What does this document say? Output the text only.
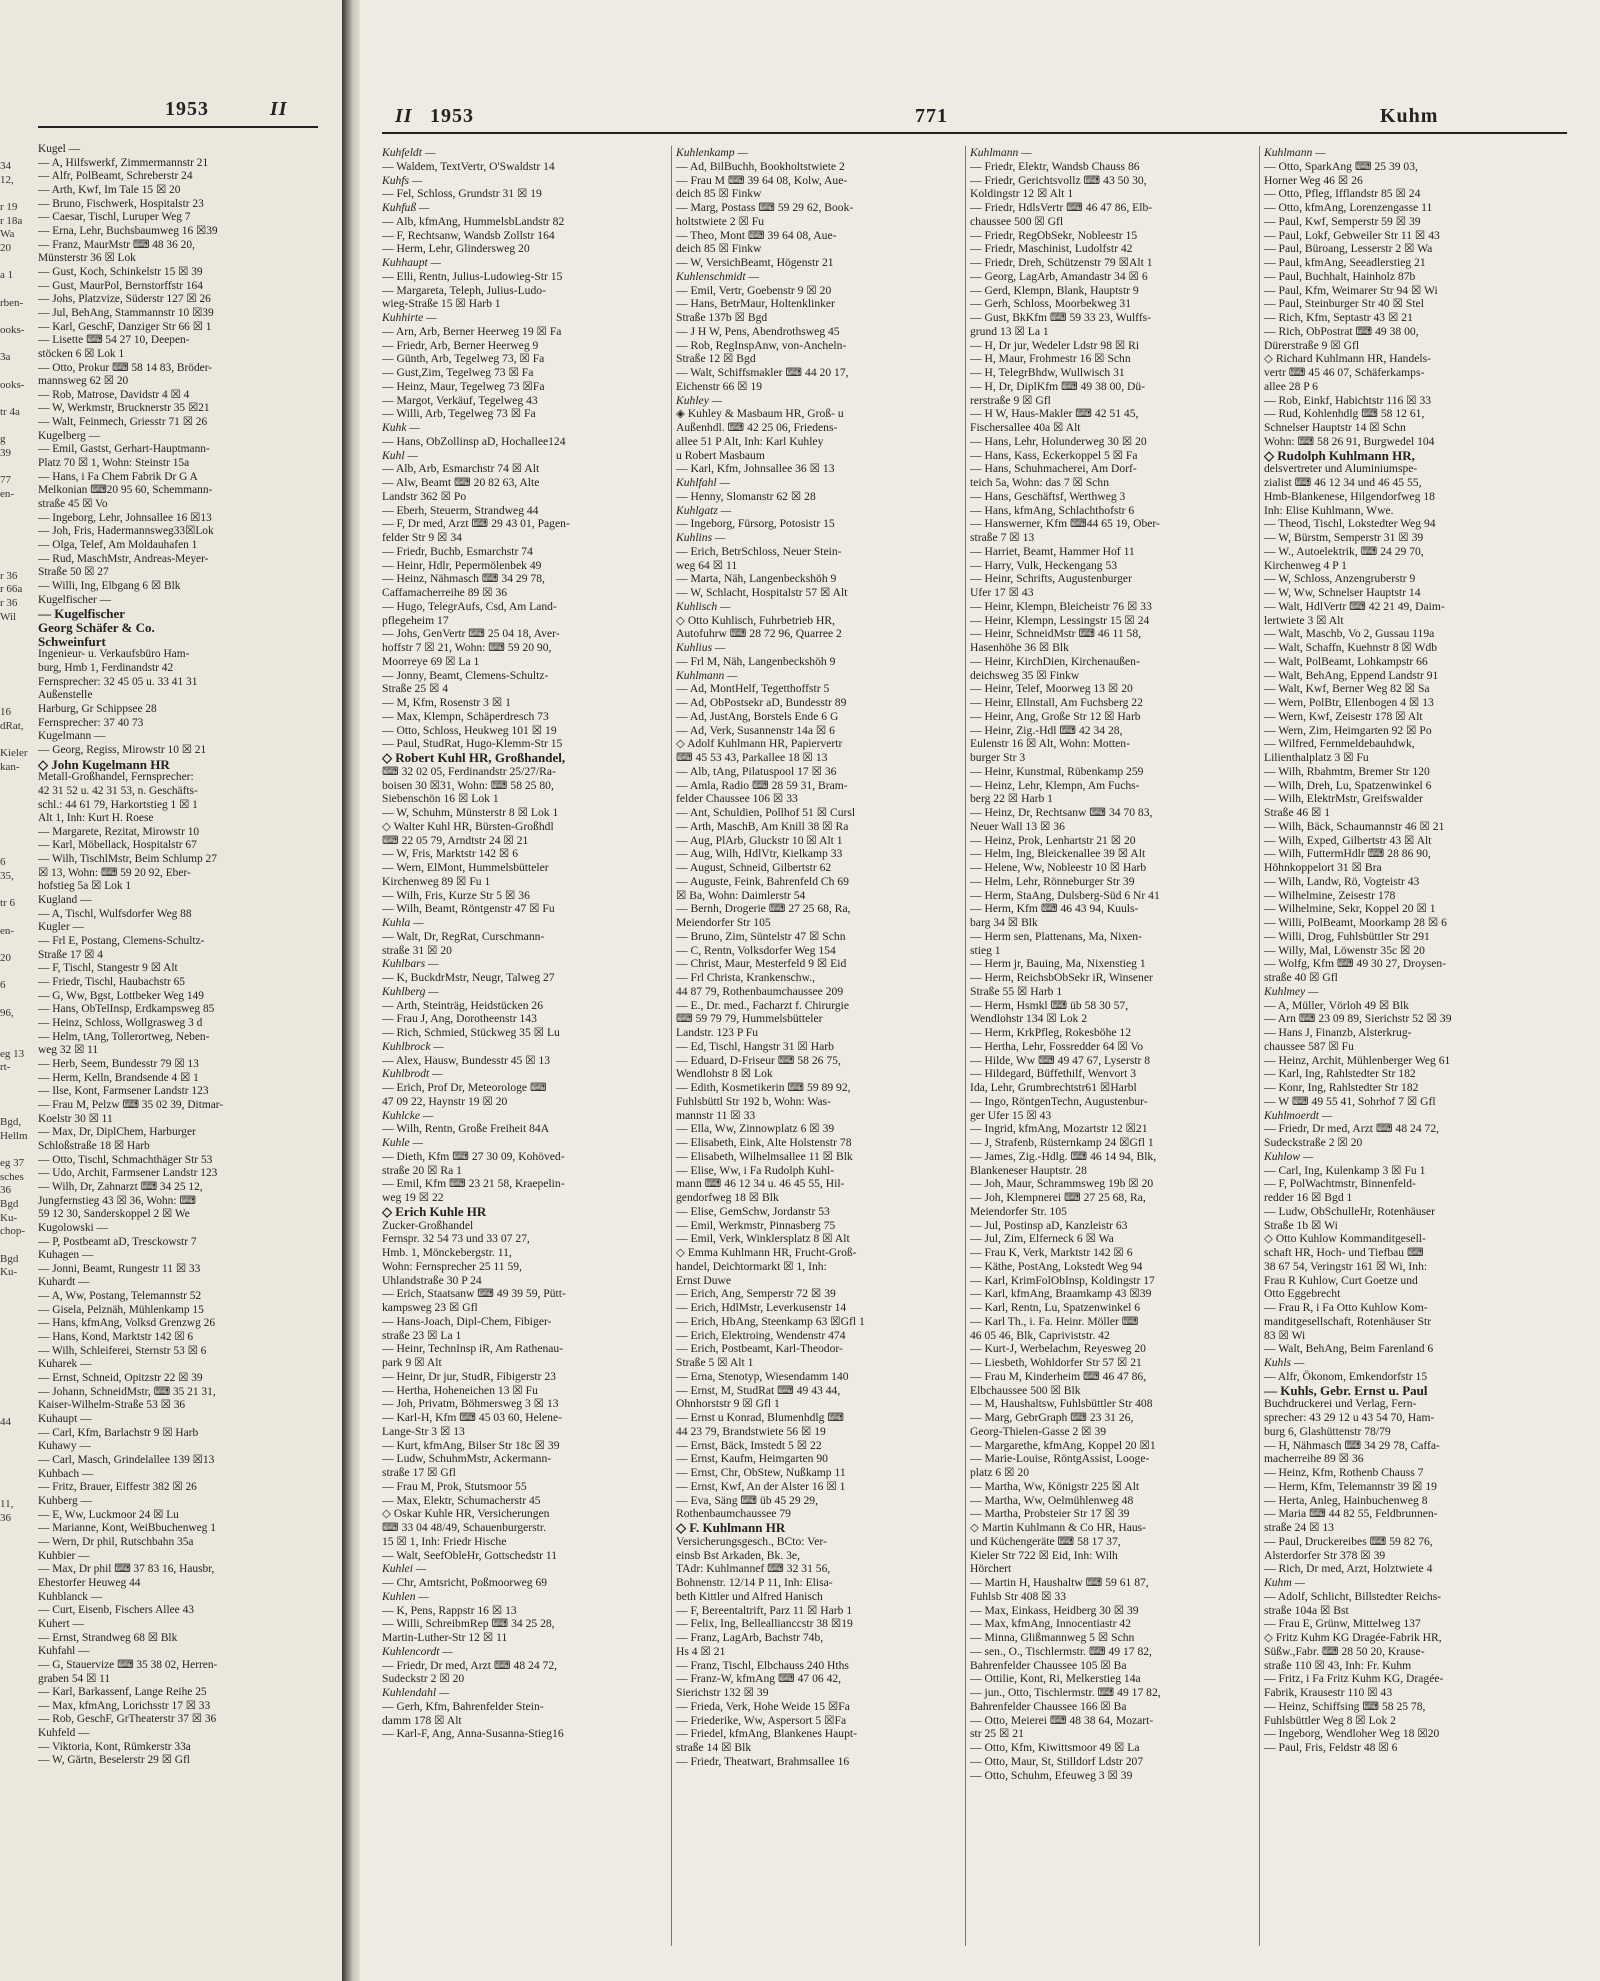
1953	II
34
12,

r 19
r 18a
Wa
20

a 1

rben-

ooks-

3a

ooks-

tr 4a

g
39

77
en-

r 36
r 66a
r 36
Wil

16
dRat,

Kieler
kan-

6
35,

tr 6

en-

20

6

96,

eg 13
rt-

Bgd,
Hellm

eg 37
sches
36
Bgd
Ku-
chop-

Bgd
Ku-

44

11,
36
Kugel —
— A, Hilfswerkf, Zimmermannstr 21
— Alfr, PolBeamt, Schreberstr 24
— Arth, Kwf, Im Tale 15 ☒ 20
— Bruno, Fischwerk, Hospitalstr 23
— Caesar, Tischl, Luruper Weg 7
— Erna, Lehr, Buchsbaumweg 16 ☒39
— Franz, MaurMstr ⌨ 48 36 20,
Münsterstr 36 ☒ Lok
— Gust, Koch, Schinkelstr 15 ☒ 39
— Gust, MaurPol, Bernstorffstr 164
— Johs, Platzvize, Süderstr 127 ☒ 26
— Jul, BehAng, Stammannstr 10 ☒39
— Karl, GeschF, Danziger Str 66 ☒ 1
— Lisette ⌨ 54 27 10, Deepen-
stöcken 6 ☒ Lok 1
— Otto, Prokur ⌨ 58 14 83, Bröder-
mannsweg 62 ☒ 20
— Rob, Matrose, Davidstr 4 ☒ 4
— W, Werkmstr, Brucknerstr 35 ☒21
— Walt, Feinmech, Griesstr 71 ☒ 26
Kugelberg —
— Emil, Gastst, Gerhart-Hauptmann-
Platz 70 ☒ 1, Wohn: Steinstr 15a
— Hans, i Fa Chem Fabrik Dr G A
Melkonian ⌨20 95 60, Schemmann-
straße 45 ☒ Vo
— Ingeborg, Lehr, Johnsallee 16 ☒13
— Joh, Fris, Hadermannsweg33☒Lok
— Olga, Telef, Am Moldauhafen 1
— Rud, MaschMstr, Andreas-Meyer-
Straße 50 ☒ 27
— Willi, Ing, Elbgang 6 ☒ Blk
Kugelfischer —
— Kugelfischer
Georg Schäfer & Co.
Schweinfurt
Ingenieur- u. Verkaufsbüro Ham-
burg, Hmb 1, Ferdinandstr 42
Fernsprecher: 32 45 05 u. 33 41 31
Außenstelle
Harburg, Gr Schippsee 28
Fernsprecher: 37 40 73
Kugelmann —
— Georg, Regiss, Mirowstr 10 ☒ 21
◇ John Kugelmann HR
Metall-Großhandel, Fernsprecher:
42 31 52 u. 42 31 53, n. Geschäfts-
schl.: 44 61 79, Harkortstieg 1 ☒ 1
Alt 1, Inh: Kurt H. Roese
— Margarete, Rezitat, Mirowstr 10
— Karl, Möbellack, Hospitalstr 67
— Wilh, TischlMstr, Beim Schlump 27
☒ 13, Wohn: ⌨ 59 20 92, Eber-
hofstieg 5a ☒ Lok 1
Kugland —
— A, Tischl, Wulfsdorfer Weg 88
Kugler —
— Frl E, Postang, Clemens-Schultz-
Straße 17 ☒ 4
— F, Tischl, Stangestr 9 ☒ Alt
— Friedr, Tischl, Haubachstr 65
— G, Ww, Bgst, Lottbeker Weg 149
— Hans, ObTelInsp, Erdkampsweg 85
— Heinz, Schloss, Wollgrasweg 3 d
— Helm, tAng, Tollerortweg, Neben-
weg 32 ☒ 11
— Herb, Seem, Bundesstr 79 ☒ 13
— Herm, Kelln, Brandsende 4 ☒ 1
— Ilse, Kont, Farmsener Landstr 123
— Frau M, Pelzw ⌨ 35 02 39, Ditmar-
Koelstr 30 ☒ 11
— Max, Dr, DiplChem, Harburger
Schloßstraße 18 ☒ Harb
— Otto, Tischl, Schmachthäger Str 53
— Udo, Archit, Farmsener Landstr 123
— Wilh, Dr, Zahnarzt ⌨ 34 25 12,
Jungfernstieg 43 ☒ 36, Wohn: ⌨
59 12 30, Sanderskoppel 2 ☒ We
Kugolowski —
— P, Postbeamt aD, Tresckowstr 7
Kuhagen —
— Jonni, Beamt, Rungestr 11 ☒ 33
Kuhardt —
— A, Ww, Postang, Telemannstr 52
— Gisela, Pelznäh, Mühlenkamp 15
— Hans, kfmAng, Volksd Grenzwg 26
— Hans, Kond, Marktstr 142 ☒ 6
— Wilh, Schleiferei, Sternstr 53 ☒ 6
Kuharek —
— Ernst, Schneid, Opitzstr 22 ☒ 39
— Johann, SchneidMstr, ⌨ 35 21 31,
Kaiser-Wilhelm-Straße 53 ☒ 36
Kuhaupt —
— Carl, Kfm, Barlachstr 9 ☒ Harb
Kuhawy —
— Carl, Masch, Grindelallee 139 ☒13
Kuhbach —
— Fritz, Brauer, Eiffestr 382 ☒ 26
Kuhberg —
— E, Ww, Luckmoor 24 ☒ Lu
— Marianne, Kont, WeiBbuchenweg 1
— Wern, Dr phil, Rutschbahn 35a
Kuhbier —
— Max, Dr phil ⌨ 37 83 16, Hausbr,
Ehestorfer Heuweg 44
Kuhblanck —
— Curt, Eisenb, Fischers Allee 43
Kuhert —
— Ernst, Strandweg 68 ☒ Blk
Kuhfahl —
— G, Stauervize ⌨ 35 38 02, Herren-
graben 54 ☒ 11
— Karl, Barkassenf, Lange Reihe 25
— Max, kfmAng, Lorichsstr 17 ☒ 33
— Rob, GeschF, GrTheaterstr 37 ☒ 36
Kuhfeld —
— Viktoria, Kont, Rümkerstr 33a
— W, Gärtn, Beselerstr 29 ☒ Gfl
II 1953	771	Kuhm
Kuhfeldt —
— Waldem, TextVertr, O'Swaldstr 14
Kuhfs —
— Fel, Schloss, Grundstr 31 ☒ 19
Kuhfuß —
— Alb, kfmAng, HummelsbLandstr 82
— F, Rechtsanw, Wandsb Zollstr 164
— Herm, Lehr, Glindersweg 20
Kuhhaupt —
— Elli, Rentn, Julius-Ludowieg-Str 15
— Margareta, Teleph, Julius-Ludo-
wieg-Straße 15 ☒ Harb 1
Kuhhirte —
— Arn, Arb, Berner Heerweg 19 ☒ Fa
— Friedr, Arb, Berner Heerweg 9
— Günth, Arb, Tegelweg 73, ☒ Fa
— Gust,Zim, Tegelweg 73 ☒ Fa
— Heinz, Maur, Tegelweg 73 ☒Fa
— Margot, Verkäuf, Tegelweg 43
— Willi, Arb, Tegelweg 73 ☒ Fa
Kuhk —
— Hans, ObZollinsp aD, Hochallee124
Kuhl —
— Alb, Arb, Esmarchstr 74 ☒ Alt
— Alw, Beamt ⌨ 20 82 63, Alte
Landstr 362 ☒ Po
— Eberh, Steuerm, Strandweg 44
— F, Dr med, Arzt ⌨ 29 43 01, Pagen-
felder Str 9 ☒ 34
— Friedr, Buchb, Esmarchstr 74
— Heinr, Hdlr, Pepermölenbek 49
— Heinz, Nähmasch ⌨ 34 29 78,
Caffamacherreihe 89 ☒ 36
— Hugo, TelegrAufs, Csd, Am Land-
pflegeheim 17
— Johs, GenVertr ⌨ 25 04 18, Aver-
hoffstr 7 ☒ 21, Wohn: ⌨ 59 20 90,
Moorreye 69 ☒ La 1
— Jonny, Beamt, Clemens-Schultz-
Straße 25 ☒ 4
— M, Kfm, Rosenstr 3 ☒ 1
— Max, Klempn, Schäperdresch 73
— Otto, Schloss, Heukweg 101 ☒ 19
— Paul, StudRat, Hugo-Klemm-Str 15
◇ Robert Kuhl HR, Großhandel,
⌨ 32 02 05, Ferdinandstr 25/27/Ra-
boisen 30 ☒31, Wohn: ⌨ 58 25 80,
Siebenschön 16 ☒ Lok 1
— W, Schuhm, Münsterstr 8 ☒ Lok 1
◇ Walter Kuhl HR, Bürsten-Großhdl
⌨ 22 05 79, Arndtstr 24 ☒ 21
— W, Fris, Marktstr 142 ☒ 6
— Wern, ElMont, Hummelsbütteler
Kirchenweg 89 ☒ Fu 1
— Wilh, Fris, Kurze Str 5 ☒ 36
— Wilh, Beamt, Röntgenstr 47 ☒ Fu
Kuhla —
— Walt, Dr, RegRat, Curschmann-
straße 31 ☒ 20
Kuhlbars —
— K, BuckdrMstr, Neugr, Talweg 27
Kuhlberg —
— Arth, Steinträg, Heidstücken 26
— Frau J, Ang, Dorotheenstr 143
— Rich, Schmied, Stückweg 35 ☒ Lu
Kuhlbrock —
— Alex, Hausw, Bundesstr 45 ☒ 13
Kuhlbrodt —
— Erich, Prof Dr, Meteorologe ⌨
47 09 22, Haynstr 19 ☒ 20
Kuhlcke —
— Wilh, Rentn, Große Freiheit 84A
Kuhle —
— Dieth, Kfm ⌨ 27 30 09, Kohöved-
straße 20 ☒ Ra 1
— Emil, Kfm ⌨ 23 21 58, Kraepelin-
weg 19 ☒ 22
◇ Erich Kuhle HR
Zucker-Großhandel
Fernspr. 32 54 73 und 33 07 27,
Hmb. 1, Mönckebergstr. 11,
Wohn: Fernsprecher 25 11 59,
Uhlandstraße 30 P 24
— Erich, Staatsanw ⌨ 49 39 59, Pütt-
kampsweg 23 ☒ Gfl
— Hans-Joach, Dipl-Chem, Fibiger-
straße 23 ☒ La 1
— Heinr, TechnInsp iR, Am Rathenau-
park 9 ☒ Alt
— Heinr, Dr jur, StudR, Fibigerstr 23
— Hertha, Hoheneichen 13 ☒ Fu
— Joh, Privatm, Böhmersweg 3 ☒ 13
— Karl-H, Kfm ⌨ 45 03 60, Helene-
Lange-Str 3 ☒ 13
— Kurt, kfmAng, Bilser Str 18c ☒ 39
— Ludw, SchuhmMstr, Ackermann-
straße 17 ☒ Gfl
— Frau M, Prok, Stutsmoor 55
— Max, Elektr, Schumacherstr 45
◇ Oskar Kuhle HR, Versicherungen
⌨ 33 04 48/49, Schauenburgerstr.
15 ☒ 1, Inh: Friedr Hische
— Walt, SeefObleHr, Gottschedstr 11
Kuhlei —
— Chr, Amtsricht, Poßmoorweg 69
Kuhlen —
— K, Pens, Rappstr 16 ☒ 13
— Willi, SchreibmRep ⌨ 34 25 28,
Martin-Luther-Str 12 ☒ 11
Kuhlencordt —
— Friedr, Dr med, Arzt ⌨ 48 24 72,
Sudeckstr 2 ☒ 20
Kuhlendahl —
— Gerh, Kfm, Bahrenfelder Stein-
damm 178 ☒ Alt
— Karl-F, Ang, Anna-Susanna-Stieg16
Kuhlenkamp —
— Ad, BilBuchh, Bookholtstwiete 2
— Frau M ⌨ 39 64 08, Kolw, Aue-
deich 85 ☒ Finkw
— Marg, Postass ⌨ 59 29 62, Book-
holtstwiete 2 ☒ Fu
— Theo, Mont ⌨ 39 64 08, Aue-
deich 85 ☒ Finkw
— W, VersichBeamt, Högenstr 21
Kuhlenschmidt —
— Emil, Vertr, Goebenstr 9 ☒ 20
— Hans, BetrMaur, Holtenklinker
Straße 137b ☒ Bgd
— J H W, Pens, Abendrothsweg 45
— Rob, RegInspAnw, von-Ancheln-
Straße 12 ☒ Bgd
— Walt, Schiffsmakler ⌨ 44 20 17,
Eichenstr 66 ☒ 19
Kuhley —
◈ Kuhley & Masbaum HR, Groß- u
Außenhdl. ⌨ 42 25 06, Friedens-
allee 51 P Alt, Inh: Karl Kuhley
u Robert Masbaum
— Karl, Kfm, Johnsallee 36 ☒ 13
Kuhlfahl —
— Henny, Slomanstr 62 ☒ 28
Kuhlgatz —
— Ingeborg, Fürsorg, Potosistr 15
Kuhlins —
— Erich, BetrSchloss, Neuer Stein-
weg 64 ☒ 11
— Marta, Näh, Langenbeckshöh 9
— W, Schlacht, Hospitalstr 57 ☒ Alt
Kuhlisch —
◇ Otto Kuhlisch, Fuhrbetrieb HR,
Autofuhrw ⌨ 28 72 96, Quarree 2
Kuhlius —
— Frl M, Näh, Langenbeckshöh 9
Kuhlmann —
— Ad, MontHelf, Tegetthoffstr 5
— Ad, ObPostsekr aD, Bundesstr 89
— Ad, JustAng, Borstels Ende 6 G
— Ad, Verk, Susannenstr 14a ☒ 6
◇ Adolf Kuhlmann HR, Papiervertr
⌨ 45 53 43, Parkallee 18 ☒ 13
— Alb, tAng, Pilatuspool 17 ☒ 36
— Amla, Radio ⌨ 28 59 31, Bram-
felder Chaussee 106 ☒ 33
— Ant, Schuldien, Pollhof 51 ☒ Cursl
— Arth, MaschB, Am Knill 38 ☒ Ra
— Aug, PlArb, Gluckstr 10 ☒ Alt 1
— Aug, Wilh, HdlVtr, Kielkamp 33
— August, Schneid, Gilbertstr 62
— Auguste, Feink, Bahrenfeld Ch 69
☒ Ba, Wohn: Daimlerstr 54
— Bernh, Drogerie ⌨ 27 25 68, Ra,
Meiendorfer Str 105
— Bruno, Zim, Süntelstr 47 ☒ Schn
— C, Rentn, Volksdorfer Weg 154
— Christ, Maur, Mesterfeld 9 ☒ Eid
— Frl Christa, Krankenschw.,
44 87 79, Rothenbaumchaussee 209
— E., Dr. med., Facharzt f. Chirurgie
⌨ 59 79 79, Hummelsbütteler
Landstr. 123 P Fu
— Ed, Tischl, Hangstr 31 ☒ Harb
— Eduard, D-Friseur ⌨ 58 26 75,
Wendlohstr 8 ☒ Lok
— Edith, Kosmetikerin ⌨ 59 89 92,
Fuhlsbüttl Str 192 b, Wohn: Was-
mannstr 11 ☒ 33
— Ella, Ww, Zinnowplatz 6 ☒ 39
— Elisabeth, Eink, Alte Holstenstr 78
— Elisabeth, Wilhelmsallee 11 ☒ Blk
— Elise, Ww, i Fa Rudolph Kuhl-
mann ⌨ 46 12 34 u. 46 45 55, Hil-
gendorfweg 18 ☒ Blk
— Elise, GemSchw, Jordanstr 53
— Emil, Werkmstr, Pinnasberg 75
— Emil, Verk, Winklersplatz 8 ☒ Alt
◇ Emma Kuhlmann HR, Frucht-Groß-
handel, Deichtormarkt ☒ 1, Inh:
Ernst Duwe
— Erich, Ang, Semperstr 72 ☒ 39
— Erich, HdlMstr, Leverkusenstr 14
— Erich, HbAng, Steenkamp 63 ☒Gfl 1
— Erich, Elektroing, Wendenstr 474
— Erich, Postbeamt, Karl-Theodor-
Straße 5 ☒ Alt 1
— Erna, Stenotyp, Wiesendamm 140
— Ernst, M, StudRat ⌨ 49 43 44,
Ohnhorststr 9 ☒ Gfl 1
— Ernst u Konrad, Blumenhdlg ⌨
44 23 79, Brandstwiete 56 ☒ 19
— Ernst, Bäck, Imstedt 5 ☒ 22
— Ernst, Kaufm, Heimgarten 90
— Ernst, Chr, ObStew, Nußkamp 11
— Ernst, Kwf, An der Alster 16 ☒ 1
— Eva, Säng ⌨ üb 45 29 29,
Rothenbaumchaussee 79
◇ F. Kuhlmann HR
Versicherungsgesch., BCto: Ver-
einsb Bst Arkaden, Bk. 3e,
TAdr: Kuhlmannef ⌨ 32 31 56,
Bohnenstr. 12/14 P 11, Inh: Elisa-
beth Kittler und Alfred Hanisch
— F, Bereentaltrift, Parz 11 ☒ Harb 1
— Felix, Ing, Belleallianccstr 38 ☒19
— Franz, LagArb, Bachstr 74b,
Hs 4 ☒ 21
— Franz, Tischl, Elbchauss 240 Hths
— Franz-W, kfmAng ⌨ 47 06 42,
Sierichstr 132 ☒ 39
— Frieda, Verk, Hohe Weide 15 ☒Fa
— Friederike, Ww, Aspersort 5 ☒Fa
— Friedel, kfmAng, Blankenes Haupt-
straße 14 ☒ Blk
— Friedr, Theatwart, Brahmsallee 16
Kuhlmann —
— Friedr, Elektr, Wandsb Chauss 86
— Friedr, Gerichtsvollz ⌨ 43 50 30,
Koldingstr 12 ☒ Alt 1
— Friedr, HdlsVertr ⌨ 46 47 86, Elb-
chaussee 500 ☒ Gfl
— Friedr, RegObSekr, Nobleestr 15
— Friedr, Maschinist, Ludolfstr 42
— Friedr, Dreh, Schützenstr 79 ☒Alt 1
— Georg, LagArb, Amandastr 34 ☒ 6
— Gerd, Klempn, Blank, Hauptstr 9
— Gerh, Schloss, Moorbekweg 31
— Gust, BkKfm ⌨ 59 33 23, Wulffs-
grund 13 ☒ La 1
— H, Dr jur, Wedeler Ldstr 98 ☒ Ri
— H, Maur, Frohmestr 16 ☒ Schn
— H, TelegrBhdw, Wullwisch 31
— H, Dr, DiplKfm ⌨ 49 38 00, Dü-
rerstraße 9 ☒ Gfl
— H W, Haus-Makler ⌨ 42 51 45,
Fischersallee 40a ☒ Alt
— Hans, Lehr, Holunderweg 30 ☒ 20
— Hans, Kass, Eckerkoppel 5 ☒ Fa
— Hans, Schuhmacherei, Am Dorf-
teich 5a, Wohn: das 7 ☒ Schn
— Hans, Geschäftsf, Werthweg 3
— Hans, kfmAng, Schlachthofstr 6
— Hanswerner, Kfm ⌨44 65 19, Ober-
straße 7 ☒ 13
— Harriet, Beamt, Hammer Hof 11
— Harry, Vulk, Heckengang 53
— Heinr, Schrifts, Augustenburger
Ufer 17 ☒ 43
— Heinr, Klempn, Bleicheistr 76 ☒ 33
— Heinr, Klempn, Lessingstr 15 ☒ 24
— Heinr, SchneidMstr ⌨ 46 11 58,
Hasenhöhe 36 ☒ Blk
— Heinr, KirchDien, Kirchenaußen-
deichsweg 35 ☒ Finkw
— Heinr, Telef, Moorweg 13 ☒ 20
— Heinr, Ellnstall, Am Fuchsberg 22
— Heinr, Ang, Große Str 12 ☒ Harb
— Heinr, Zig.-Hdl ⌨ 42 34 28,
Eulenstr 16 ☒ Alt, Wohn: Motten-
burger Str 3
— Heinr, Kunstmal, Rübenkamp 259
— Heinz, Lehr, Klempn, Am Fuchs-
berg 22 ☒ Harb 1
— Heinz, Dr, Rechtsanw ⌨ 34 70 83,
Neuer Wall 13 ☒ 36
— Heinz, Prok, Lenhartstr 21 ☒ 20
— Helm, Ing, Bleickenallee 39 ☒ Alt
— Helene, Ww, Nobleestr 10 ☒ Harb
— Helm, Lehr, Rönneburger Str 39
— Herm, StaAng, Dulsberg-Süd 6 Nr 41
— Herm, Kfm ⌨ 46 43 94, Kuuls-
barg 34 ☒ Blk
— Herm sen, Plattenans, Ma, Nixen-
stieg 1
— Herm jr, Bauing, Ma, Nixenstieg 1
— Herm, ReichsbObSekr iR, Winsener
Straße 55 ☒ Harb 1
— Herm, Hsmkl ⌨ üb 58 30 57,
Wendlohstr 134 ☒ Lok 2
— Herm, KrkPfleg, Rokesböhe 12
— Hertha, Lehr, Fossredder 64 ☒ Vo
— Hilde, Ww ⌨ 49 47 67, Lyserstr 8
— Hildegard, Büffethilf, Wenvort 3
Ida, Lehr, Grumbrechtstr61 ☒Harbl
— Ingo, RöntgenTechn, Augustenbur-
ger Ufer 15 ☒ 43
— Ingrid, kfmAng, Mozartstr 12 ☒21
— J, Strafenb, Rüsternkamp 24 ☒Gfl 1
— James, Zig.-Hdlg. ⌨ 46 14 94, Blk,
Blankeneser Hauptstr. 28
— Joh, Maur, Schrammsweg 19b ☒ 20
— Joh, Klempnerei ⌨ 27 25 68, Ra,
Meiendorfer Str. 105
— Jul, Postinsp aD, Kanzleistr 63
— Jul, Zim, Elferneck 6 ☒ Wa
— Frau K, Verk, Marktstr 142 ☒ 6
— Käthe, PostAng, Lokstedt Weg 94
— Karl, KrimFolObInsp, Koldingstr 17
— Karl, kfmAng, Braamkamp 43 ☒39
— Karl, Rentn, Lu, Spatzenwinkel 6
— Karl Th., i. Fa. Heinr. Möller ⌨
46 05 46, Blk, Capriviststr. 42
— Kurt-J, Werbelachm, Reyesweg 20
— Liesbeth, Wohldorfer Str 57 ☒ 21
— Frau M, Kinderheim ⌨ 46 47 86,
Elbchaussee 500 ☒ Blk
— M, Haushaltsw, Fuhlsbüttler Str 408
— Marg, GebrGraph ⌨ 23 31 26,
Georg-Thielen-Gasse 2 ☒ 39
— Margarethe, kfmAng, Koppel 20 ☒1
— Marie-Louise, RöntgAssist, Looge-
platz 6 ☒ 20
— Martha, Ww, Königstr 225 ☒ Alt
— Martha, Ww, Oelmühlenweg 48
— Martha, Probsteier Str 17 ☒ 39
◇ Martin Kuhlmann & Co HR, Haus-
und Küchengeräte ⌨ 58 17 37,
Kieler Str 722 ☒ Eid, Inh: Wilh
Hörchert
— Martin H, Haushaltw ⌨ 59 61 87,
Fuhlsb Str 408 ☒ 33
— Max, Einkass, Heidberg 30 ☒ 39
— Max, kfmAng, Innocentiastr 42
— Minna, Glißmannweg 5 ☒ Schn
— sen., O., Tischlermstr. ⌨ 49 17 82,
Bahrenfelder Chaussee 105 ☒ Ba
— Ottilie, Kont, Ri, Melkerstieg 14a
— jun., Otto, Tischlermstr. ⌨ 49 17 82,
Bahrenfelder Chaussee 166 ☒ Ba
— Otto, Meierei ⌨ 48 38 64, Mozart-
str 25 ☒ 21
— Otto, Kfm, Kiwittsmoor 49 ☒ La
— Otto, Maur, St, Stilldorf Ldstr 207
— Otto, Schuhm, Efeuweg 3 ☒ 39
Kuhlmann —
— Otto, SparkAng ⌨ 25 39 03,
Horner Weg 46 ☒ 26
— Otto, Pfleg, Ifflandstr 85 ☒ 24
— Otto, kfmAng, Lorenzengasse 11
— Paul, Kwf, Semperstr 59 ☒ 39
— Paul, Lokf, Gebweiler Str 11 ☒ 43
— Paul, Büroang, Lesserstr 2 ☒ Wa
— Paul, kfmAng, Seeadlerstieg 21
— Paul, Buchhalt, Hainholz 87b
— Paul, Kfm, Weimarer Str 94 ☒ Wi
— Paul, Steinburger Str 40 ☒ Stel
— Rich, Kfm, Septastr 43 ☒ 21
— Rich, ObPostrat ⌨ 49 38 00,
Dürerstraße 9 ☒ Gfl
◇ Richard Kuhlmann HR, Handels-
vertr ⌨ 45 46 07, Schäferkamps-
allee 28 P 6
— Rob, Einkf, Habichtstr 116 ☒ 33
— Rud, Kohlenhdlg ⌨ 58 12 61,
Schnelser Hauptstr 14 ☒ Schn
Wohn: ⌨ 58 26 91, Burgwedel 104
◇ Rudolph Kuhlmann HR,
delsvertreter und Aluminiumspe-
zialist ⌨ 46 12 34 und 46 45 55,
Hmb-Blankenese, Hilgendorfweg 18
Inh: Elise Kuhlmann, Wwe.
— Theod, Tischl, Lokstedter Weg 94
— W, Bürstm, Semperstr 31 ☒ 39
— W., Autoelektrik, ⌨ 24 29 70,
Kirchenweg 4 P 1
— W, Schloss, Anzengruberstr 9
— W, Ww, Schnelser Hauptstr 14
— Walt, HdlVertr ⌨ 42 21 49, Daim-
lertwiete 3 ☒ Alt
— Walt, Maschb, Vo 2, Gussau 119a
— Walt, Schaffn, Kuehnstr 8 ☒ Wdb
— Walt, PolBeamt, Lohkampstr 66
— Walt, BehAng, Eppend Landstr 91
— Walt, Kwf, Berner Weg 82 ☒ Sa
— Wern, PolBtr, Ellenbogen 4 ☒ 13
— Wern, Kwf, Zeisestr 178 ☒ Alt
— Wern, Zim, Heimgarten 92 ☒ Po
— Wilfred, Fernmeldebauhdwk,
Lilienthalplatz 3 ☒ Fu
— Wilh, Rbahmtm, Bremer Str 120
— Wilh, Dreh, Lu, Spatzenwinkel 6
— Wilh, ElektrMstr, Greifswalder
Straße 46 ☒ 1
— Wilh, Bäck, Schaumannstr 46 ☒ 21
— Wilh, Exped, Gilbertstr 43 ☒ Alt
— Wilh, FuttermHdlr ⌨ 28 86 90,
Höhnkoppelort 31 ☒ Bra
— Wilh, Landw, Rö, Vogteistr 43
— Wilhelmine, Zeisestr 178
— Wilhelmine, Sekr, Koppel 20 ☒ 1
— Willi, PolBeamt, Moorkamp 28 ☒ 6
— Willi, Drog, Fuhlsbüttler Str 291
— Willy, Mal, Löwenstr 35c ☒ 20
— Wolfg, Kfm ⌨ 49 30 27, Droysen-
straße 40 ☒ Gfl
Kuhlmey —
— A, Müller, Vörloh 49 ☒ Blk
— Arn ⌨ 23 09 89, Sierichstr 52 ☒ 39
— Hans J, Finanzb, Alsterkrug-
chaussee 587 ☒ Fu
— Heinz, Archit, Mühlenberger Weg 61
— Karl, Ing, Rahlstedter Str 182
— Konr, Ing, Rahlstedter Str 182
— W ⌨ 49 55 41, Sohrhof 7 ☒ Gfl
Kuhlmoerdt —
— Friedr, Dr med, Arzt ⌨ 48 24 72,
Sudeckstraße 2 ☒ 20
Kuhlow —
— Carl, Ing, Kulenkamp 3 ☒ Fu 1
— F, PolWachtmstr, Binnenfeld-
redder 16 ☒ Bgd 1
— Ludw, ObSchulleHr, Rotenhäuser
Straße 1b ☒ Wi
◇ Otto Kuhlow Kommanditgesell-
schaft HR, Hoch- und Tiefbau ⌨
38 67 54, Veringstr 161 ☒ Wi, Inh:
Frau R Kuhlow, Curt Goetze und
Otto Eggebrecht
— Frau R, i Fa Otto Kuhlow Kom-
manditgesellschaft, Rotenhäuser Str
83 ☒ Wi
— Walt, BehAng, Beim Farenland 6
Kuhls —
— Alfr, Ökonom, Emkendorfstr 15
— Kuhls, Gebr. Ernst u. Paul
Buchdruckerei und Verlag, Fern-
sprecher: 43 29 12 u 43 54 70, Ham-
burg 6, Glashüttenstr 78/79
— H, Nähmasch ⌨ 34 29 78, Caffa-
macherreihe 89 ☒ 36
— Heinz, Kfm, Rothenb Chauss 7
— Herm, Kfm, Telemannstr 39 ☒ 19
— Herta, Anleg, Hainbuchenweg 8
— Maria ⌨ 44 82 55, Feldbrunnen-
straße 24 ☒ 13
— Paul, Druckereibes ⌨ 59 82 76,
Alsterdorfer Str 378 ☒ 39
— Rich, Dr med, Arzt, Holztwiete 4
Kuhm —
— Adolf, Schlicht, Billstedter Reichs-
straße 104a ☒ Bst
— Frau E, Grünw, Mittelweg 137
◇ Fritz Kuhm KG Dragée-Fabrik HR,
Süßw.,Fabr. ⌨ 28 50 20, Krause-
straße 110 ☒ 43, Inh: Fr. Kuhm
— Fritz, i Fa Fritz Kuhm KG, Dragée-
Fabrik, Krausestr 110 ☒ 43
— Heinz, Schiffsing ⌨ 58 25 78,
Fuhlsbüttler Weg 8 ☒ Lok 2
— Ingeborg, Wendloher Weg 18 ☒20
— Paul, Fris, Feldstr 48 ☒ 6
